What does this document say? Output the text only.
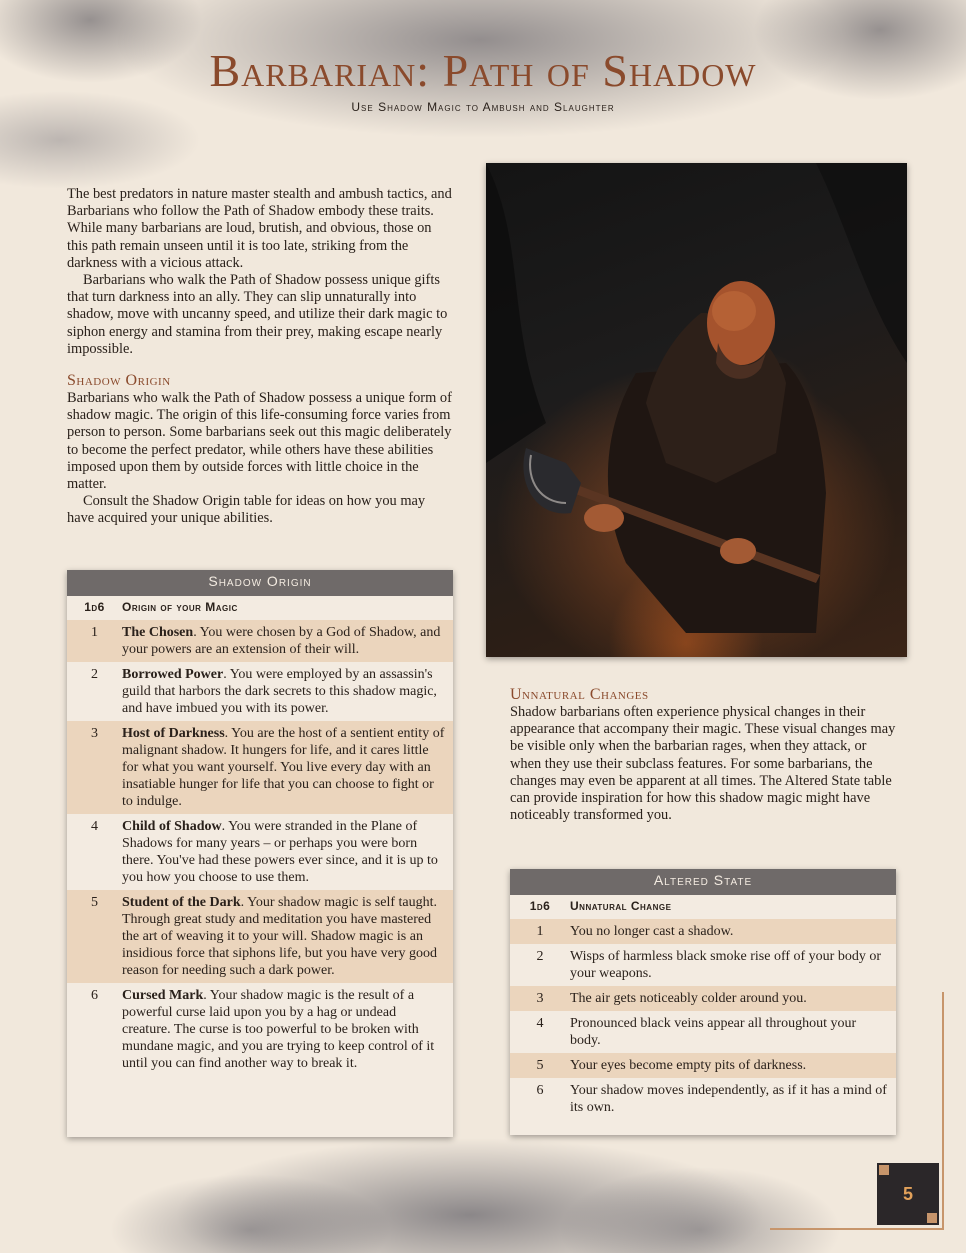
Barbarian: Path of Shadow
Use Shadow Magic to Ambush and Slaughter

The best predators in nature master stealth and ambush tactics, and Barbarians who follow the Path of Shadow embody these traits. While many barbarians are loud, brutish, and obvious, those on this path remain unseen until it is too late, striking from the darkness with a vicious attack.

Barbarians who walk the Path of Shadow possess unique gifts that turn darkness into an ally. They can slip unnaturally into shadow, move with uncanny speed, and utilize their dark magic to siphon energy and stamina from their prey, making escape nearly impossible.

Shadow Origin

Barbarians who walk the Path of Shadow possess a unique form of shadow magic. The origin of this life-consuming force varies from person to person. Some barbarians seek out this magic deliberately to become the perfect predator, while others have these abilities imposed upon them by outside forces with little choice in the matter.

Consult the Shadow Origin table for ideas on how you may have acquired your unique abilities.

Shadow Origin
1d6	Origin of your Magic
1	The Chosen. You were chosen by a God of Shadow, and your powers are an extension of their will.
2	Borrowed Power. You were employed by an assassin's guild that harbors the dark secrets to this shadow magic, and have imbued you with its power.
3	Host of Darkness. You are the host of a sentient entity of malignant shadow. It hungers for life, and it cares little for what you want yourself. You live every day with an insatiable hunger for life that you can choose to fight or to indulge.
4	Child of Shadow. You were stranded in the Plane of Shadows for many years – or perhaps you were born there. You've had these powers ever since, and it is up to you how you choose to use them.
5	Student of the Dark. Your shadow magic is self taught. Through great study and meditation you have mastered the art of weaving it to your will. Shadow magic is an insidious force that siphons life, but you have very good reason for needing such a dark power.
6	Cursed Mark. Your shadow magic is the result of a powerful curse laid upon you by a hag or undead creature. The curse is too powerful to be broken with mundane magic, and you are trying to keep control of it until you can find another way to break it.
Unnatural Changes

Shadow barbarians often experience physical changes in their appearance that accompany their magic. These visual changes may be visible only when the barbarian rages, when they attack, or when they use their subclass features. For some barbarians, the changes may even be apparent at all times. The Altered State table can provide inspiration for how this shadow magic might have noticeably transformed you.

Altered State
1d6	Unnatural Change
1	You no longer cast a shadow.
2	Wisps of harmless black smoke rise off of your body or your weapons.
3	The air gets noticeably colder around you.
4	Pronounced black veins appear all throughout your body.
5	Your eyes become empty pits of darkness.
6	Your shadow moves independently, as if it has a mind of its own.
5
